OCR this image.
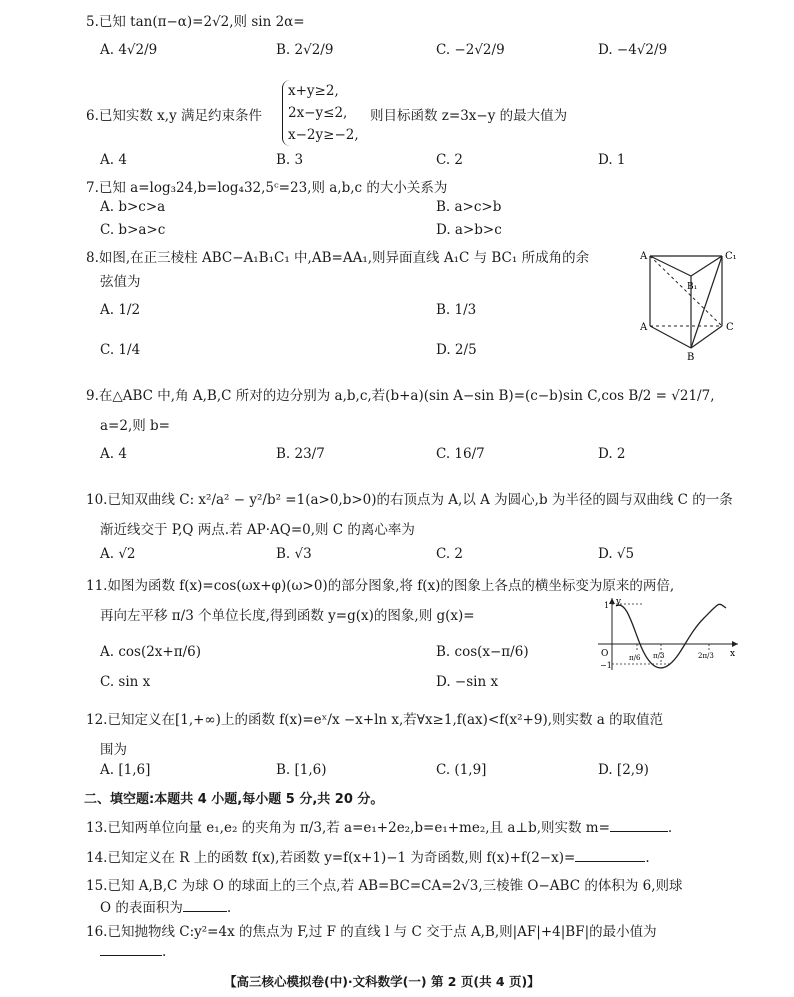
5.已知 tan(π−α)=2√2,则 sin 2α=
A. 4√2/9	B. 2√2/9	C. −2√2/9	D. −4√2/9
6.已知实数 x,y 满足约束条件
x+y≥2,
2x−y≤2,
x−2y≥−2,
则目标函数 z=3x−y 的最大值为
A. 4	B. 3	C. 2	D. 1
7.已知 a=log₃24,b=log₄32,5ᶜ=23,则 a,b,c 的大小关系为
A. b>c>a	B. a>c>b
C. b>a>c	D. a>b>c
8.如图,在正三棱柱 ABC−A₁B₁C₁ 中,AB=AA₁,则异面直线 A₁C 与 BC₁ 所成角的余
弦值为
A. 1/2	B. 1/3
C. 1/4	D. 2/5
A	C₁
B₁
A	C
B
9.在△ABC 中,角 A,B,C 所对的边分别为 a,b,c,若(b+a)(sin A−sin B)=(c−b)sin C,cos B/2 = √21/7,
a=2,则 b=
A. 4	B. 23/7	C. 16/7	D. 2
10.已知双曲线 C: x²/a² − y²/b² =1(a>0,b>0)的右顶点为 A,以 A 为圆心,b 为半径的圆与双曲线 C 的一条
渐近线交于 P,Q 两点.若 AP·AQ=0,则 C 的离心率为
A. √2	B. √3	C. 2	D. √5
11.如图为函数 f(x)=cos(ωx+φ)(ω>0)的部分图象,将 f(x)的图象上各点的横坐标变为原来的两倍,
再向左平移 π/3 个单位长度,得到函数 y=g(x)的图象,则 g(x)=
A. cos(2x+π/6)	B. cos(x−π/6)
C. sin x	D. −sin x
y
O
1
−1
x
π/6 π/3	2π/3
12.已知定义在[1,+∞)上的函数 f(x)=eˣ/x −x+ln x,若∀x≥1,f(ax)<f(x²+9),则实数 a 的取值范
围为
A. [1,6]	B. [1,6)	C. (1,9]	D. [2,9)
二、填空题:本题共 4 小题,每小题 5 分,共 20 分。
13.已知两单位向量 e₁,e₂ 的夹角为 π/3,若 a=e₁+2e₂,b=e₁+me₂,且 a⊥b,则实数 m=	.
14.已知定义在 R 上的函数 f(x),若函数 y=f(x+1)−1 为奇函数,则 f(x)+f(2−x)=	.
15.已知 A,B,C 为球 O 的球面上的三个点,若 AB=BC=CA=2√3,三棱锥 O−ABC 的体积为 6,则球
O 的表面积为	.
16.已知抛物线 C:y²=4x 的焦点为 F,过 F 的直线 l 与 C 交于点 A,B,则|AF|+4|BF|的最小值为
.
【高三核心模拟卷(中)·文科数学(一) 第 2 页(共 4 页)】
